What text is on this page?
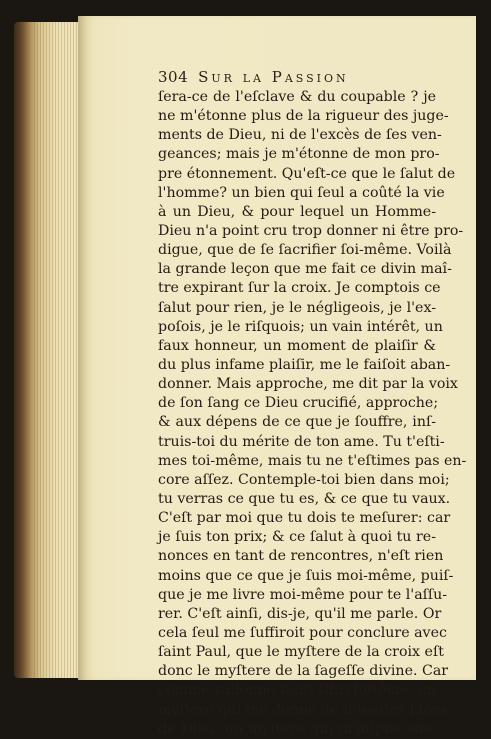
304 Sur la Passion
ſera-ce de l'eſclave & du coupable ? je
ne m'étonne plus de la rigueur des juge-
ments de Dieu, ni de l'excès de ſes ven-
geances; mais je m'étonne de mon pro-
pre étonnement. Qu'eſt-ce que le ſalut de
l'homme? un bien qui ſeul a coûté la vie
à un Dieu, & pour lequel un Homme-
Dieu n'a point cru trop donner ni être pro-
digue, que de ſe ſacrifier ſoi-même. Voilà
la grande leçon que me fait ce divin maî-
tre expirant ſur la croix. Je comptois ce
ſalut pour rien, je le négligeois, je l'ex-
poſois, je le riſquois; un vain intérêt, un
faux honneur, un moment de plaiſir &
du plus infame plaiſir, me le faiſoit aban-
donner. Mais approche, me dit par la voix
de ſon ſang ce Dieu crucifié, approche;
& aux dépens de ce que je ſouffre, inſ-
truis-toi du mérite de ton ame. Tu t'eſti-
mes toi-même, mais tu ne t'eſtimes pas en-
core aſſez. Contemple-toi bien dans moi;
tu verras ce que tu es, & ce que tu vaux.
C'eſt par moi que tu dois te meſurer: car
je ſuis ton prix; & ce ſalut à quoi tu re-
nonces en tant de rencontres, n'eſt rien
moins que ce que je ſuis moi-même, puiſ-
que je me livre moi-même pour te l'aſſu-
rer. C'eſt ainſi, dis-je, qu'il me parle. Or
cela ſeul me ſuffiroit pour conclure avec
ſaint Paul, que le myſtere de la croix eſt
donc le myſtere de la ſageſſe divine. Car
comme raiſonne ſaint Chryſoſtôme, un
myſtere qui me donne de ſi hautes idées
de Dieu, un myſtere qui m'inſpire une
